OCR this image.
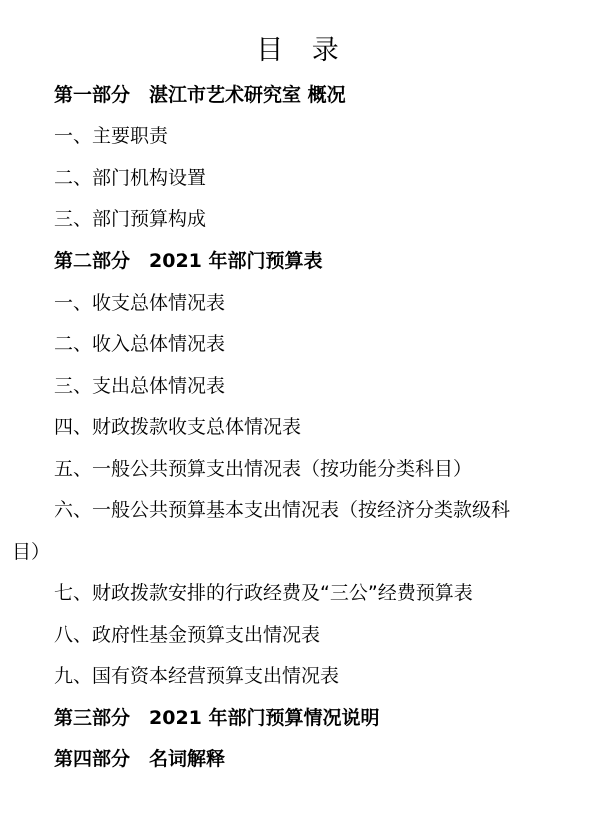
目 录
第一部分　湛江市艺术研究室 概况
一、主要职责
二、部门机构设置
三、部门预算构成
第二部分　2021 年部门预算表
一、收支总体情况表
二、收入总体情况表
三、支出总体情况表
四、财政拨款收支总体情况表
五、一般公共预算支出情况表（按功能分类科目）
六、一般公共预算基本支出情况表（按经济分类款级科
目）
七、财政拨款安排的行政经费及“三公”经费预算表
八、政府性基金预算支出情况表
九、国有资本经营预算支出情况表
第三部分　2021 年部门预算情况说明
第四部分　名词解释
